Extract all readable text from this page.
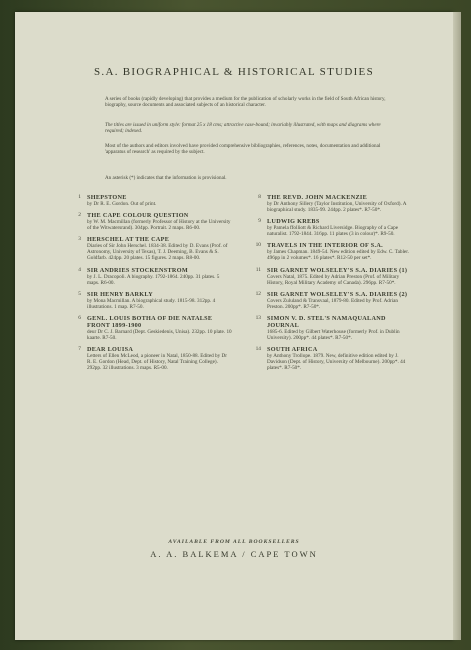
S.A. BIOGRAPHICAL & HISTORICAL STUDIES

A series of books (rapidly developing) that provides a medium for the publication of scholarly works in the field of South African history, biography, source documents and associated subjects of an historical character.

The titles are issued in uniform style: format 25 x 18 cms; attractive case-bound; invariably illustrated, with maps and diagrams where required; indexed.

Most of the authors and editors involved have provided comprehensive bibliographies, references, notes, documentation and additional 'apparatus of research' as required by the subject.

An asterisk (*) indicates that the information is provisional.

1 SHEPSTONE
by Dr R. E. Gordon. Out of print.
2 THE CAPE COLOUR QUESTION
by W. M. Macmillan (formerly Professor of History at the University of the Witwatersrand). 304pp. Portrait. 2 maps. R6-00.
3 HERSCHEL AT THE CAPE
Diaries of Sir John Herschel. 1834-38. Edited by D. Evans (Prof. of Astronomy, University of Texas), T. J. Deeming, B. Evans & S. Goldfarb. 424pp. 20 plates. 15 figures. 2 maps. R8-00.
4 SIR ANDRIES STOCKENSTROM
by J. L. Dracopoli. A biography. 1792-1864. 240pp. 31 plates. 5 maps. R6-00.
5 SIR HENRY BARKLY
by Mona Macmillan. A biographical study. 1815-98. 312pp. 4 illustrations. 1 map. R7-50.
6 GENL. LOUIS BOTHA OF DIE NATALSE FRONT 1899-1900
deur Dr C. J. Barnard (Dept. Geskiedenis, Unisa). 232pp. 10 plate. 10 kaarte. R7-50.
7 DEAR LOUISA
Letters of Ellen McLeod, a pioneer in Natal, 1850-88. Edited by Dr R. E. Gordon (Head, Dept. of History, Natal Training College). 292pp. 32 illustrations. 3 maps. R5-00.
8 THE REVD. JOHN MACKENZIE
by Dr Anthony Sillery (Taylor Institution, University of Oxford). A biographical study. 1835-99. 244pp. 2 plates*. R7-50*.
9 LUDWIG KREBS
by Pamela ffolliott & Richard Liversidge. Biography of a Cape naturalist. 1792-1844. 316pp. 11 plates (3 in colour)*. R9-50.
10 TRAVELS IN THE INTERIOR OF S.A.
by James Chapman. 1849-54. New edition edited by Edw. C. Tabler. 496pp in 2 volumes*. 16 plates*. R12-50 per set*.
11 SIR GARNET WOLSELEY'S S.A. DIARIES (1)
Covers Natal, 1875. Edited by Adrian Preston (Prof. of Military History, Royal Military Academy of Canada). 296pp. R7-50*.
12 SIR GARNET WOLSELEY'S S.A. DIARIES (2)
Covers Zululand & Transvaal, 1879-80. Edited by Prof. Adrian Preston. 200pp*. R7-50*.
13 SIMON V. D. STEL'S NAMAQUALAND JOURNAL
1685-6. Edited by Gilbert Waterhouse (formerly Prof. in Dublin University). 200pp*. 44 plates*. R7-50*.
14 SOUTH AFRICA
by Anthony Trollope. 1879. New, definitive edition edited by J. Davidson (Dept. of History, University of Melbourne). 200pp*. 44 plates*. R7-50*.
AVAILABLE FROM ALL BOOKSELLERS
A. A. BALKEMA / CAPE TOWN
